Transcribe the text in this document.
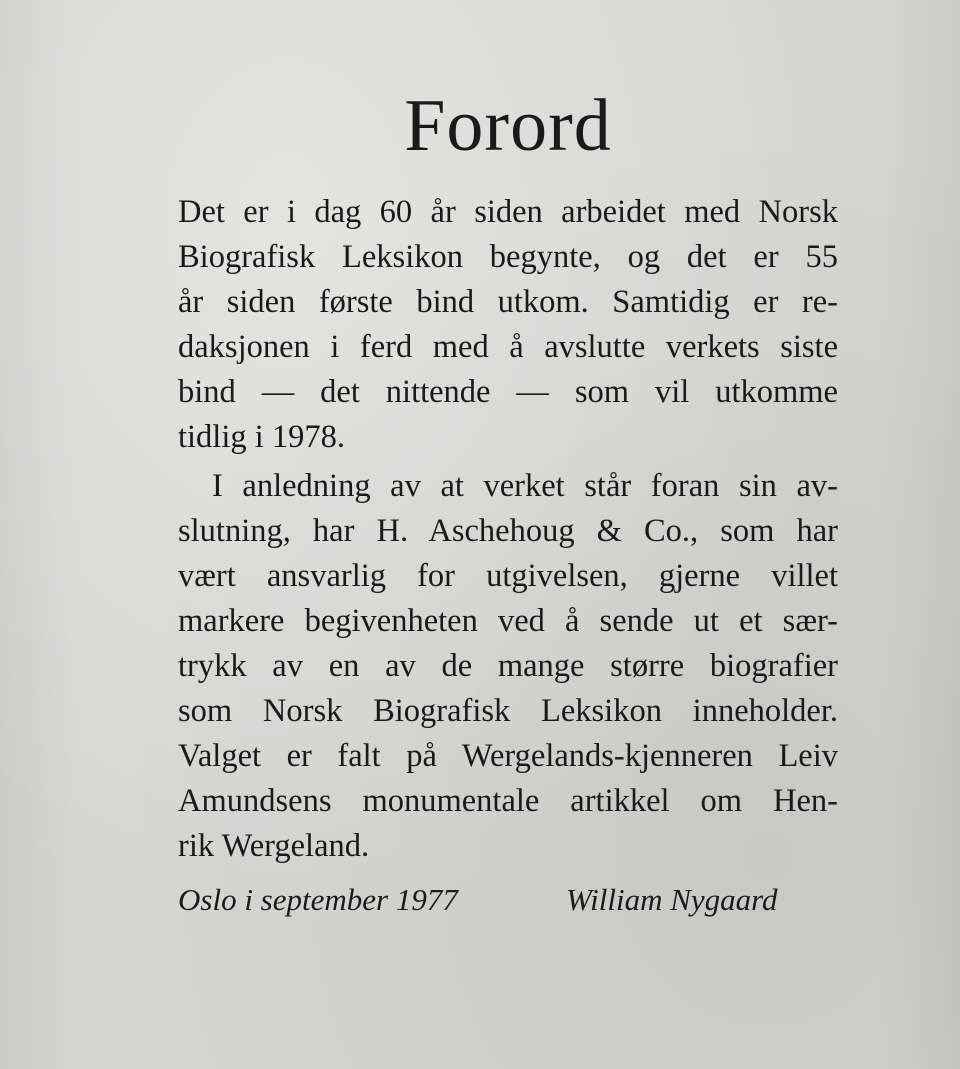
Forord

Det er i dag 60 år siden arbeidet med Norsk
Biografisk Leksikon begynte, og det er 55
år siden første bind utkom. Samtidig er re-
daksjonen i ferd med å avslutte verkets siste
bind — det nittende — som vil utkomme
tidlig i 1978.

I anledning av at verket står foran sin av-
slutning, har H. Aschehoug & Co., som har
vært ansvarlig for utgivelsen, gjerne villet
markere begivenheten ved å sende ut et sær-
trykk av en av de mange større biografier
som Norsk Biografisk Leksikon inneholder.
Valget er falt på Wergelands-kjenneren Leiv
Amundsens monumentale artikkel om Hen-
rik Wergeland.

Oslo i september 1977	William Nygaard
